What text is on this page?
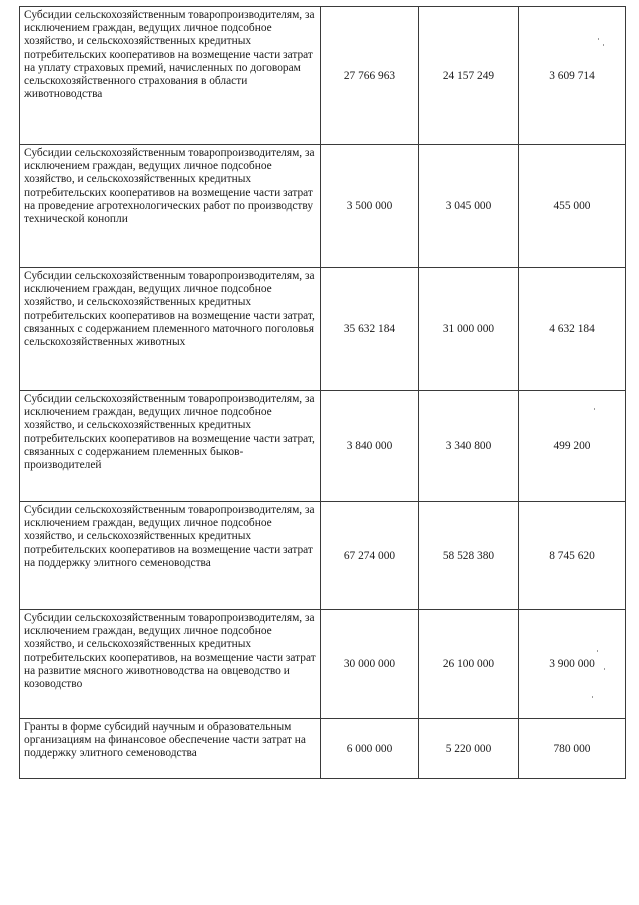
Субсидии сельскохозяйственным товаропроизводителям, за исключением граждан, ведущих личное подсобное хозяйство, и сельскохозяйственных кредитных потребительских кооперативов на возмещение части затрат на уплату страховых премий, начисленных по договорам сельскохозяйственного страхования в области животноводства	27 766 963	24 157 249	3 609 714
Субсидии сельскохозяйственным товаропроизводителям, за исключением граждан, ведущих личное подсобное хозяйство, и сельскохозяйственных кредитных потребительских кооперативов на возмещение части затрат на проведение агротехнологических работ по производству технической конопли	3 500 000	3 045 000	455 000
Субсидии сельскохозяйственным товаропроизводителям, за исключением граждан, ведущих личное подсобное хозяйство, и сельскохозяйственных кредитных потребительских кооперативов на возмещение части затрат, связанных с содержанием племенного маточного поголовья сельскохозяйственных животных	35 632 184	31 000 000	4 632 184
Субсидии сельскохозяйственным товаропроизводителям, за исключением граждан, ведущих личное подсобное хозяйство, и сельскохозяйственных кредитных потребительских кооперативов на возмещение части затрат, связанных с содержанием племенных быков-производителей	3 840 000	3 340 800	499 200
Субсидии сельскохозяйственным товаропроизводителям, за исключением граждан, ведущих личное подсобное хозяйство, и сельскохозяйственных кредитных потребительских кооперативов на возмещение части затрат на поддержку элитного семеноводства	67 274 000	58 528 380	8 745 620
Субсидии сельскохозяйственным товаропроизводителям, за исключением граждан, ведущих личное подсобное хозяйство, и сельскохозяйственных кредитных потребительских кооперативов, на возмещение части затрат на развитие мясного животноводства на овцеводство и козоводство	30 000 000	26 100 000	3 900 000
Гранты в форме субсидий научным и образовательным организациям на финансовое обеспечение части затрат на поддержку элитного семеноводства	6 000 000	5 220 000	780 000
